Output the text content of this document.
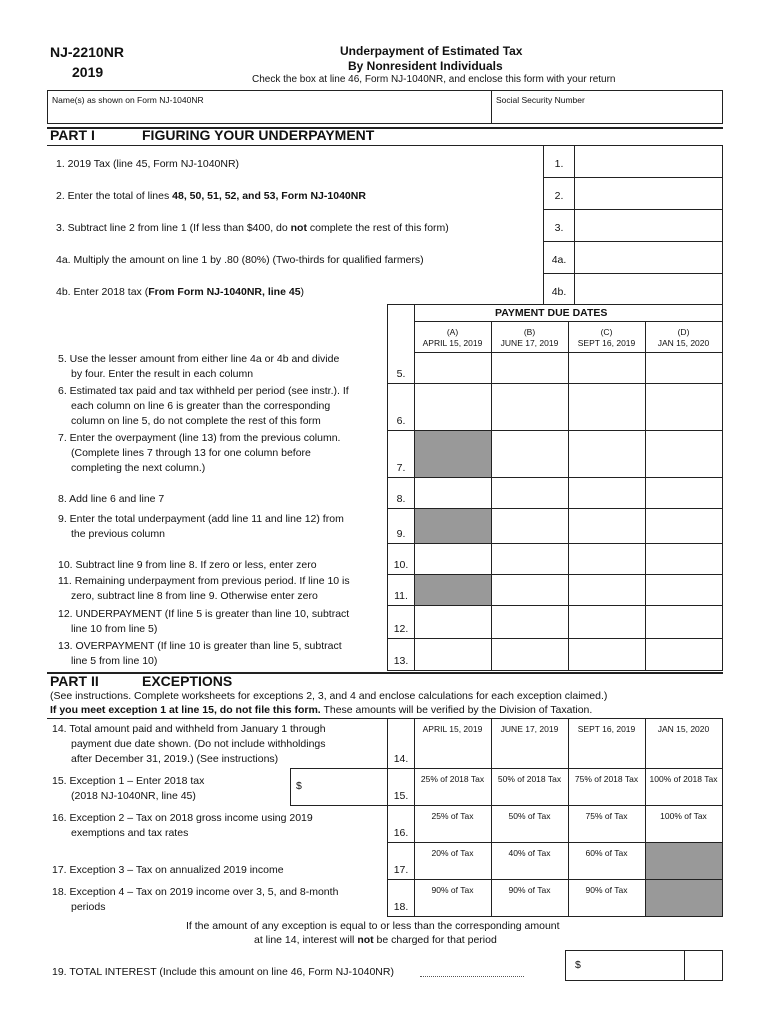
NJ-2210NR
2019
Underpayment of Estimated Tax
By Nonresident Individuals
Check the box at line 46, Form NJ-1040NR, and enclose this form with your return
Name(s) as shown on Form NJ-1040NR	Social Security Number
PART I	FIGURING YOUR UNDERPAYMENT
1. 2019 Tax (line 45, Form NJ-1040NR)	1.
2. Enter the total of lines 48, 50, 51, 52, and 53, Form NJ-1040NR	2.
3. Subtract line 2 from line 1 (If less than $400, do not complete the rest of this form)	3.
4a. Multiply the amount on line 1 by .80 (80%) (Two-thirds for qualified farmers)	4a.
4b. Enter 2018 tax (From Form NJ-1040NR, line 45)	4b.
PAYMENT DUE DATES
(A)
APRIL 15, 2019
(B)
JUNE 17, 2019
(C)
SEPT 16, 2019
(D)
JAN 15, 2020
5. Use the lesser amount from either line 4a or 4b and divide
by four. Enter the result in each column	5.
6. Estimated tax paid and tax withheld per period (see instr.). If
each column on line 6 is greater than the corresponding
column on line 5, do not complete the rest of this form	6.
7. Enter the overpayment (line 13) from the previous column.
(Complete lines 7 through 13 for one column before
completing the next column.)	7.
8. Add line 6 and line 7	8.
9. Enter the total underpayment (add line 11 and line 12) from
the previous column	9.
10. Subtract line 9 from line 8. If zero or less, enter zero	10.
11. Remaining underpayment from previous period. If line 10 is
zero, subtract line 8 from line 9. Otherwise enter zero	11.
12. UNDERPAYMENT (If line 5 is greater than line 10, subtract
line 10 from line 5)	12.
13. OVERPAYMENT (If line 10 is greater than line 5, subtract
line 5 from line 10)	13.
PART II	EXCEPTIONS
(See instructions. Complete worksheets for exceptions 2, 3, and 4 and enclose calculations for each exception claimed.)
If you meet exception 1 at line 15, do not file this form. These amounts will be verified by the Division of Taxation.
14. Total amount paid and withheld from January 1 through
payment due date shown. (Do not include withholdings
after December 31, 2019.) (See instructions)	14.
APRIL 15, 2019	JUNE 17, 2019	SEPT 16, 2019	JAN 15, 2020
15. Exception 1 – Enter 2018 tax
(2018 NJ-1040NR, line 45)	15.
$
25% of 2018 Tax	50% of 2018 Tax	75% of 2018 Tax	100% of 2018 Tax
16. Exception 2 – Tax on 2018 gross income using 2019
exemptions and tax rates	16.
25% of Tax	50% of Tax	75% of Tax	100% of Tax
17. Exception 3 – Tax on annualized 2019 income	17.
20% of Tax	40% of Tax	60% of Tax
18. Exception 4 – Tax on 2019 income over 3, 5, and 8-month
periods	18.
90% of Tax	90% of Tax	90% of Tax
If the amount of any exception is equal to or less than the corresponding amount
at line 14, interest will not be charged for that period
19. TOTAL INTEREST (Include this amount on line 46, Form NJ-1040NR)
$
